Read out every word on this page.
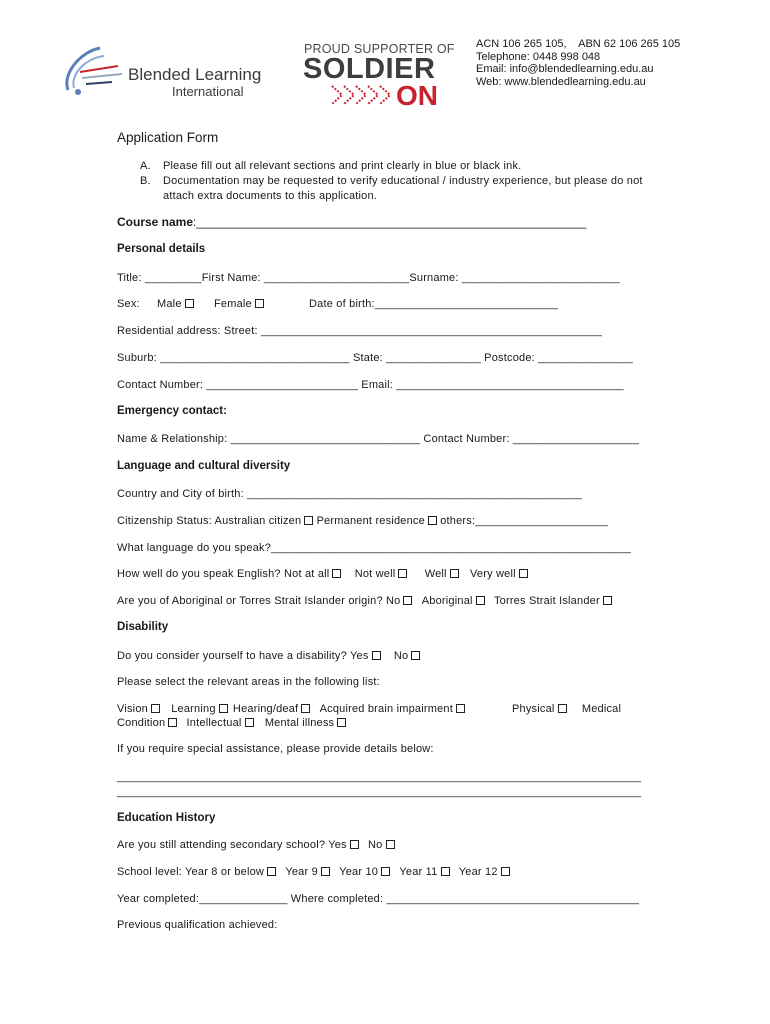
Blended Learning
International
PROUD SUPPORTER OF
SOLDIER
ON
ACN 106 265 105,    ABN 62 106 265 105
Telephone: 0448 998 048
Email: info@blendedlearning.edu.au
Web: www.blendedlearning.edu.au
Application Form
A. Please fill out all relevant sections and print clearly in blue or black ink.
B. Documentation may be requested to verify educational / industry experience, but please do not
attach extra documents to this application.
Course name:_____________________________________________________________
Personal details
Title: _________First Name: _______________________Surname: _________________________
Sex: Male	Female	Date of birth:_____________________________
Residential address: Street: ______________________________________________________
Suburb: ______________________________ State: _______________ Postcode: _______________
Contact Number: ________________________ Email: ____________________________________
Emergency contact:
Name & Relationship: ______________________________ Contact Number: ____________________
Language and cultural diversity
Country and City of birth: _____________________________________________________
Citizenship Status: Australian citizen Permanent residence others:_____________________
What language do you speak?_________________________________________________________
How well do you speak English? Not at all Not well	Well Very well
Are you of Aboriginal or Torres Strait Islander origin? No Aboriginal Torres Strait Islander
Disability
Do you consider yourself to have a disability? Yes No
Please select the relevant areas in the following list:
Vision Learning Hearing/deaf Acquired brain impairment	Physical Medical
Condition Intellectual Mental illness
If you require special assistance, please provide details below:
___________________________________________________________________________________
___________________________________________________________________________________
Education History
Are you still attending secondary school? Yes No
School level: Year 8 or below Year 9 Year 10 Year 11 Year 12
Year completed:______________ Where completed: ________________________________________
Previous qualification achieved:
